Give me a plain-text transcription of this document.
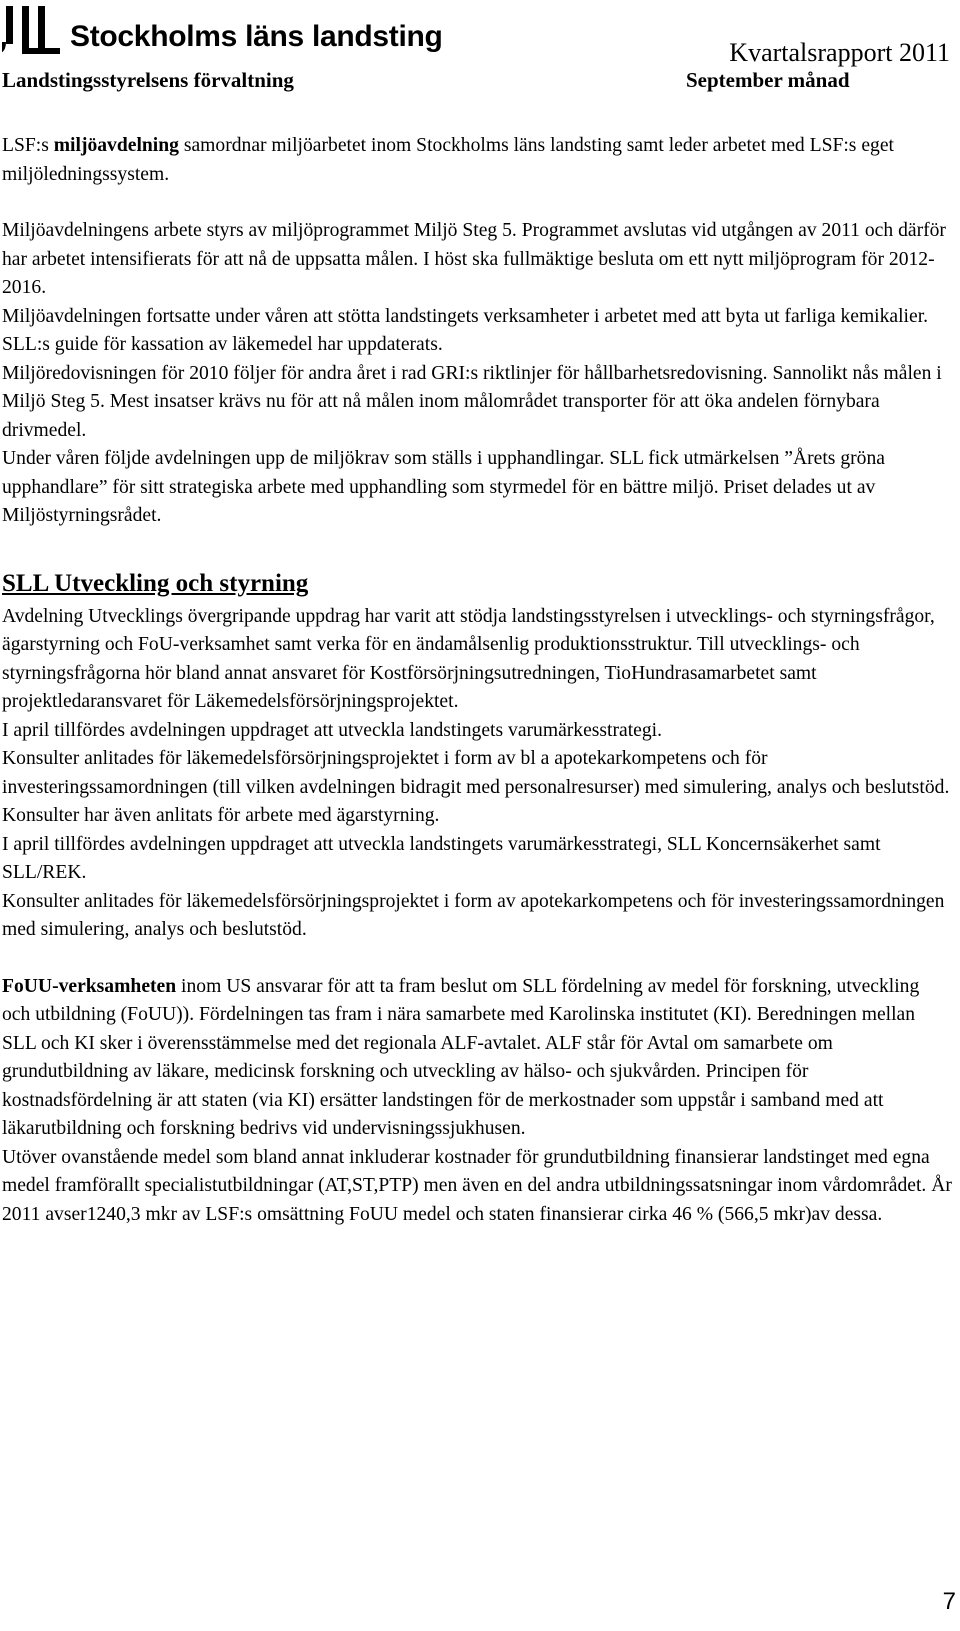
Stockholms läns landsting
Landstingsstyrelsens förvaltning
Kvartalsrapport 2011
September månad

LSF:s miljöavdelning samordnar miljöarbetet inom Stockholms läns landsting samt leder arbetet med LSF:s eget miljöledningssystem.

Miljöavdelningens arbete styrs av miljöprogrammet Miljö Steg 5. Programmet avslutas vid utgången av 2011 och därför har arbetet intensifierats för att nå de uppsatta målen. I höst ska fullmäktige besluta om ett nytt miljöprogram för 2012-2016.

Miljöavdelningen fortsatte under våren att stötta landstingets verksamheter i arbetet med att byta ut farliga kemikalier. SLL:s guide för kassation av läkemedel har uppdaterats.

Miljöredovisningen för 2010 följer för andra året i rad GRI:s riktlinjer för hållbarhetsredovisning. Sannolikt nås målen i Miljö Steg 5. Mest insatser krävs nu för att nå målen inom målområdet transporter för att öka andelen förnybara drivmedel.

Under våren följde avdelningen upp de miljökrav som ställs i upphandlingar. SLL fick utmärkelsen ”Årets gröna upphandlare” för sitt strategiska arbete med upphandling som styrmedel för en bättre miljö. Priset delades ut av Miljöstyrningsrådet.

SLL Utveckling och styrning

Avdelning Utvecklings övergripande uppdrag har varit att stödja landstingsstyrelsen i utvecklings- och styrningsfrågor, ägarstyrning och FoU-verksamhet samt verka för en ändamålsenlig produktionsstruktur. Till utvecklings- och styrningsfrågorna hör bland annat ansvaret för Kostförsörjningsutredningen, TioHundrasamarbetet samt projektledaransvaret för Läkemedelsförsörjningsprojektet.

I april tillfördes avdelningen uppdraget att utveckla landstingets varumärkesstrategi.

Konsulter anlitades för läkemedelsförsörjningsprojektet i form av bl a apotekarkompetens och för investeringssamordningen (till vilken avdelningen bidragit med personalresurser) med simulering, analys och beslutstöd. Konsulter har även anlitats för arbete med ägarstyrning.

I april tillfördes avdelningen uppdraget att utveckla landstingets varumärkesstrategi, SLL Koncernsäkerhet samt SLL/REK.

Konsulter anlitades för läkemedelsförsörjningsprojektet i form av apotekarkompetens och för investeringssamordningen med simulering, analys och beslutstöd.

FoUU-verksamheten inom US ansvarar för att ta fram beslut om SLL fördelning av medel för forskning, utveckling och utbildning (FoUU)). Fördelningen tas fram i nära samarbete med Karolinska institutet (KI). Beredningen mellan SLL och KI sker i överensstämmelse med det regionala ALF-avtalet. ALF står för Avtal om samarbete om grundutbildning av läkare, medicinsk forskning och utveckling av hälso- och sjukvården. Principen för kostnadsfördelning är att staten (via KI) ersätter landstingen för de merkostnader som uppstår i samband med att läkarutbildning och forskning bedrivs vid undervisningssjukhusen.

Utöver ovanstående medel som bland annat inkluderar kostnader för grundutbildning finansierar landstinget med egna medel framförallt specialistutbildningar (AT,ST,PTP) men även en del andra utbildningssatsningar inom vårdområdet. År 2011 avser1240,3 mkr av LSF:s omsättning FoUU medel och staten finansierar cirka 46 % (566,5 mkr)av dessa.

7
